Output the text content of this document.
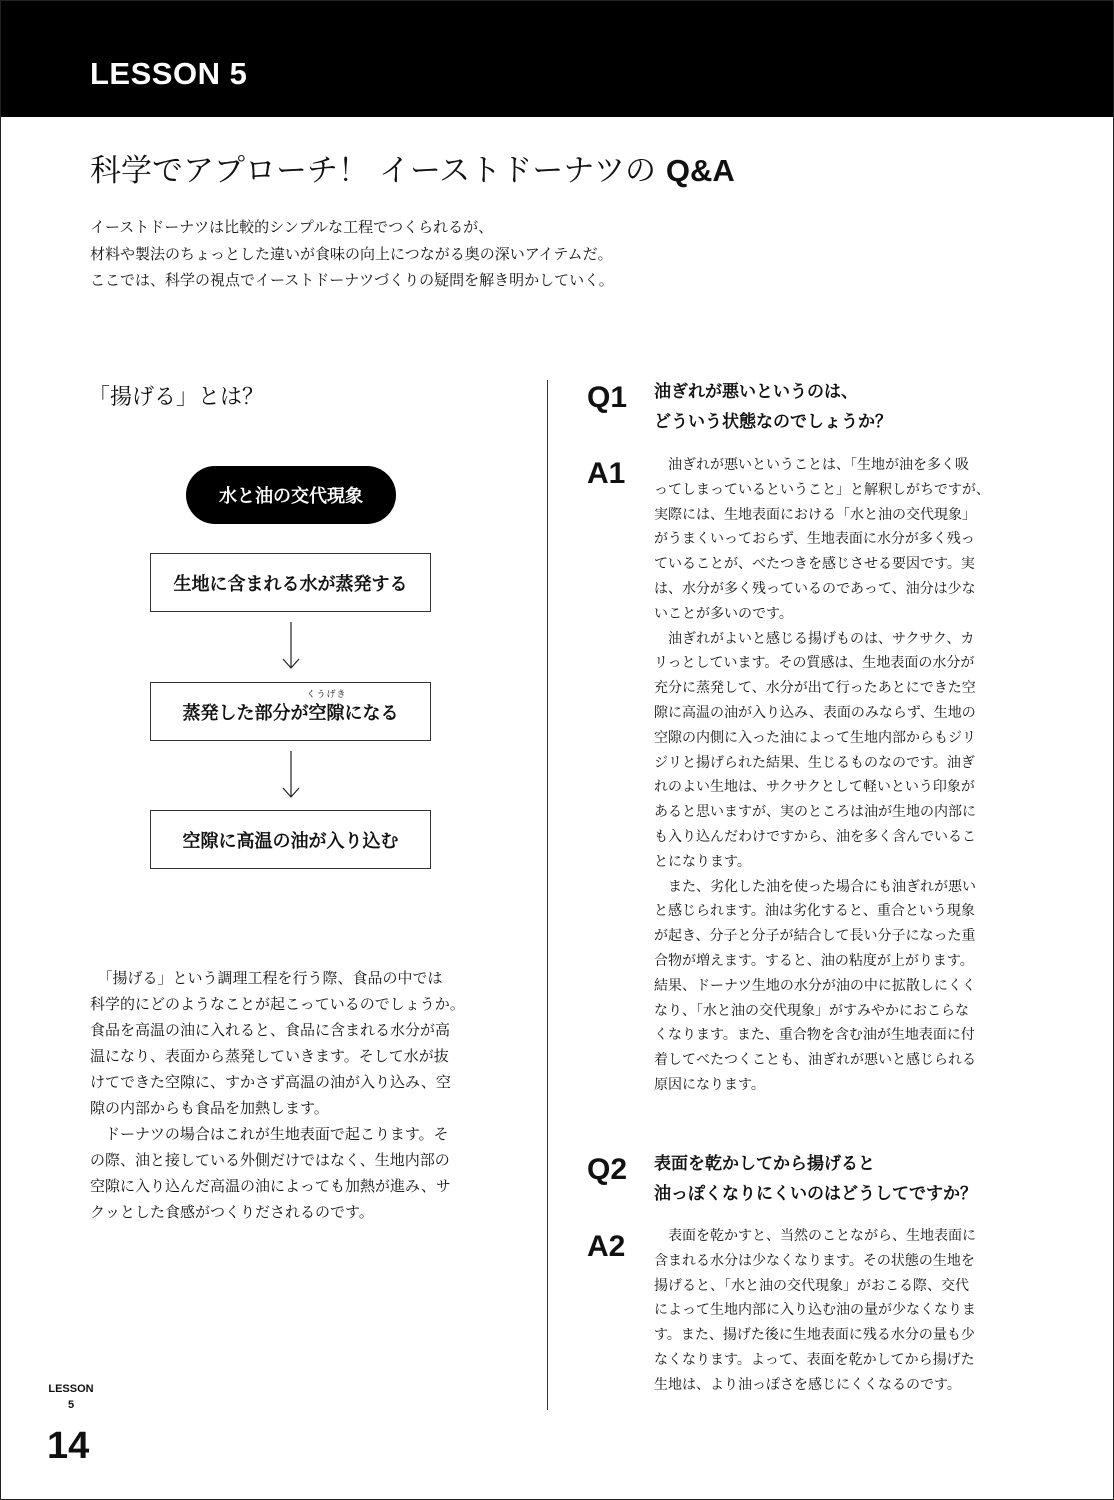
LESSON 5
科学でアプローチ！ イーストドーナツの Q&A
イーストドーナツは比較的シンプルな工程でつくられるが、
材料や製法のちょっとした違いが食味の向上につながる奥の深いアイテムだ。
ここでは、科学の視点でイーストドーナツづくりの疑問を解き明かしていく。
「揚げる」とは？
水と油の交代現象
生地に含まれる水が蒸発する
蒸発した部分が 空隙
くうげき
になる
空隙に高温の油が入り込む
　「揚げる」という調理工程を行う際、食品の中では
科学的にどのようなことが起こっているのでしょうか。
食品を高温の油に入れると、食品に含まれる水分が高
温になり、表面から蒸発していきます。そして水が抜
けてできた空隙に、すかさず高温の油が入り込み、空
隙の内部からも食品を加熱します。
　ドーナツの場合はこれが生地表面で起こります。そ
の際、油と接している外側だけではなく、生地内部の
空隙に入り込んだ高温の油によっても加熱が進み、サ
クッとした食感がつくりだされるのです。
Q1 油ぎれが悪いというのは、
どういう状態なのでしょうか？
A1 　油ぎれが悪いということは、「生地が油を多く吸
ってしまっているということ」と解釈しがちですが、
実際には、生地表面における「水と油の交代現象」
がうまくいっておらず、生地表面に水分が多く残っ
ていることが、べたつきを感じさせる要因です。実
は、水分が多く残っているのであって、油分は少な
いことが多いのです。
　油ぎれがよいと感じる揚げものは、サクサク、カ
リっとしています。その質感は、生地表面の水分が
充分に蒸発して、水分が出て行ったあとにできた空
隙に高温の油が入り込み、表面のみならず、生地の
空隙の内側に入った油によって生地内部からもジリ
ジリと揚げられた結果、生じるものなのです。油ぎ
れのよい生地は、サクサクとして軽いという印象が
あると思いますが、実のところは油が生地の内部に
も入り込んだわけですから、油を多く含んでいるこ
とになります。
　また、劣化した油を使った場合にも油ぎれが悪い
と感じられます。油は劣化すると、重合という現象
が起き、分子と分子が結合して長い分子になった重
合物が増えます。すると、油の粘度が上がります。
結果、ドーナツ生地の水分が油の中に拡散しにくく
なり、「水と油の交代現象」がすみやかにおこらな
くなります。また、重合物を含む油が生地表面に付
着してべたつくことも、油ぎれが悪いと感じられる
原因になります。
Q2 表面を乾かしてから揚げると
油っぽくなりにくいのはどうしてですか？
A2 　表面を乾かすと、当然のことながら、生地表面に
含まれる水分は少なくなります。その状態の生地を
揚げると、「水と油の交代現象」がおこる際、交代
によって生地内部に入り込む油の量が少なくなりま
す。また、揚げた後に生地表面に残る水分の量も少
なくなります。よって、表面を乾かしてから揚げた
生地は、より油っぽさを感じにくくなるのです。
LESSON
5
14
